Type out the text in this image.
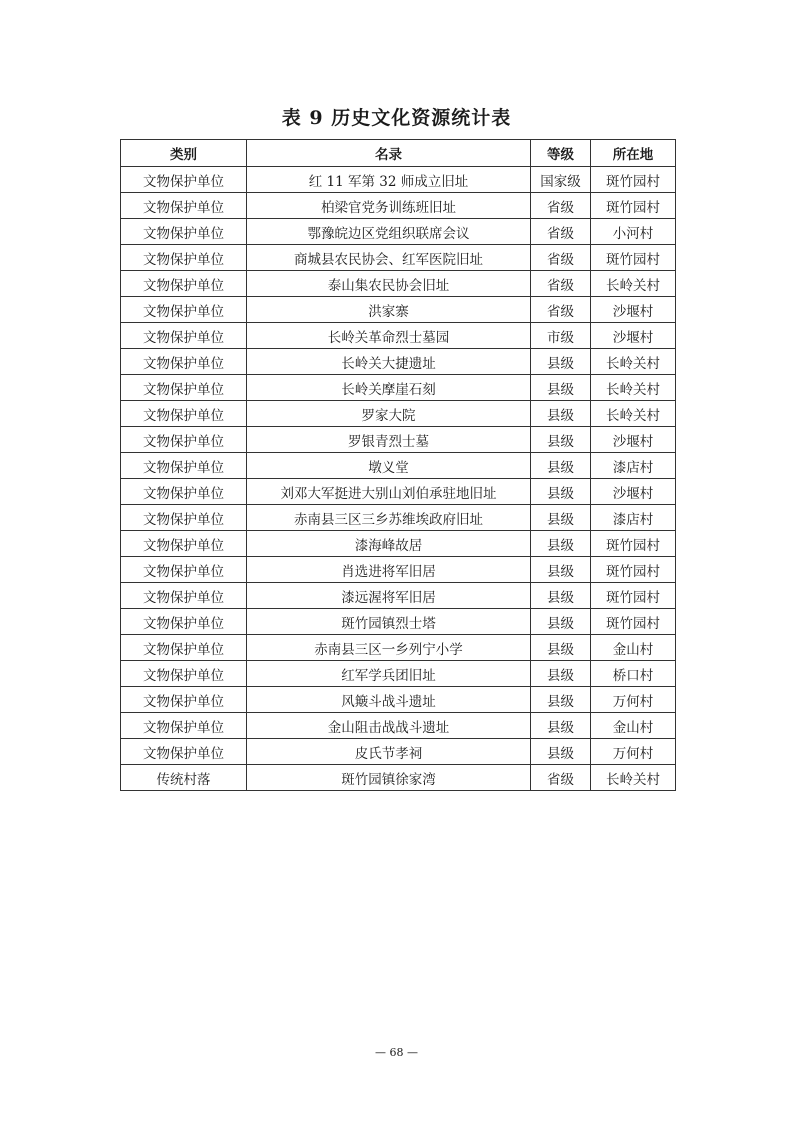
表 9 历史文化资源统计表
类别	名录	等级	所在地
文物保护单位	红 11 军第 32 师成立旧址	国家级	斑竹园村
文物保护单位	柏梁官党务训练班旧址	省级	斑竹园村
文物保护单位	鄂豫皖边区党组织联席会议	省级	小河村
文物保护单位	商城县农民协会、红军医院旧址	省级	斑竹园村
文物保护单位	泰山集农民协会旧址	省级	长岭关村
文物保护单位	洪家寨	省级	沙堰村
文物保护单位	长岭关革命烈士墓园	市级	沙堰村
文物保护单位	长岭关大捷遗址	县级	长岭关村
文物保护单位	长岭关摩崖石刻	县级	长岭关村
文物保护单位	罗家大院	县级	长岭关村
文物保护单位	罗银青烈士墓	县级	沙堰村
文物保护单位	墩义堂	县级	漆店村
文物保护单位	刘邓大军挺进大别山刘伯承驻地旧址	县级	沙堰村
文物保护单位	赤南县三区三乡苏维埃政府旧址	县级	漆店村
文物保护单位	漆海峰故居	县级	斑竹园村
文物保护单位	肖选进将军旧居	县级	斑竹园村
文物保护单位	漆远渥将军旧居	县级	斑竹园村
文物保护单位	斑竹园镇烈士塔	县级	斑竹园村
文物保护单位	赤南县三区一乡列宁小学	县级	金山村
文物保护单位	红军学兵团旧址	县级	桥口村
文物保护单位	风簸斗战斗遗址	县级	万何村
文物保护单位	金山阻击战战斗遗址	县级	金山村
文物保护单位	皮氏节孝祠	县级	万何村
传统村落	斑竹园镇徐家湾	省级	长岭关村
— 68 —
